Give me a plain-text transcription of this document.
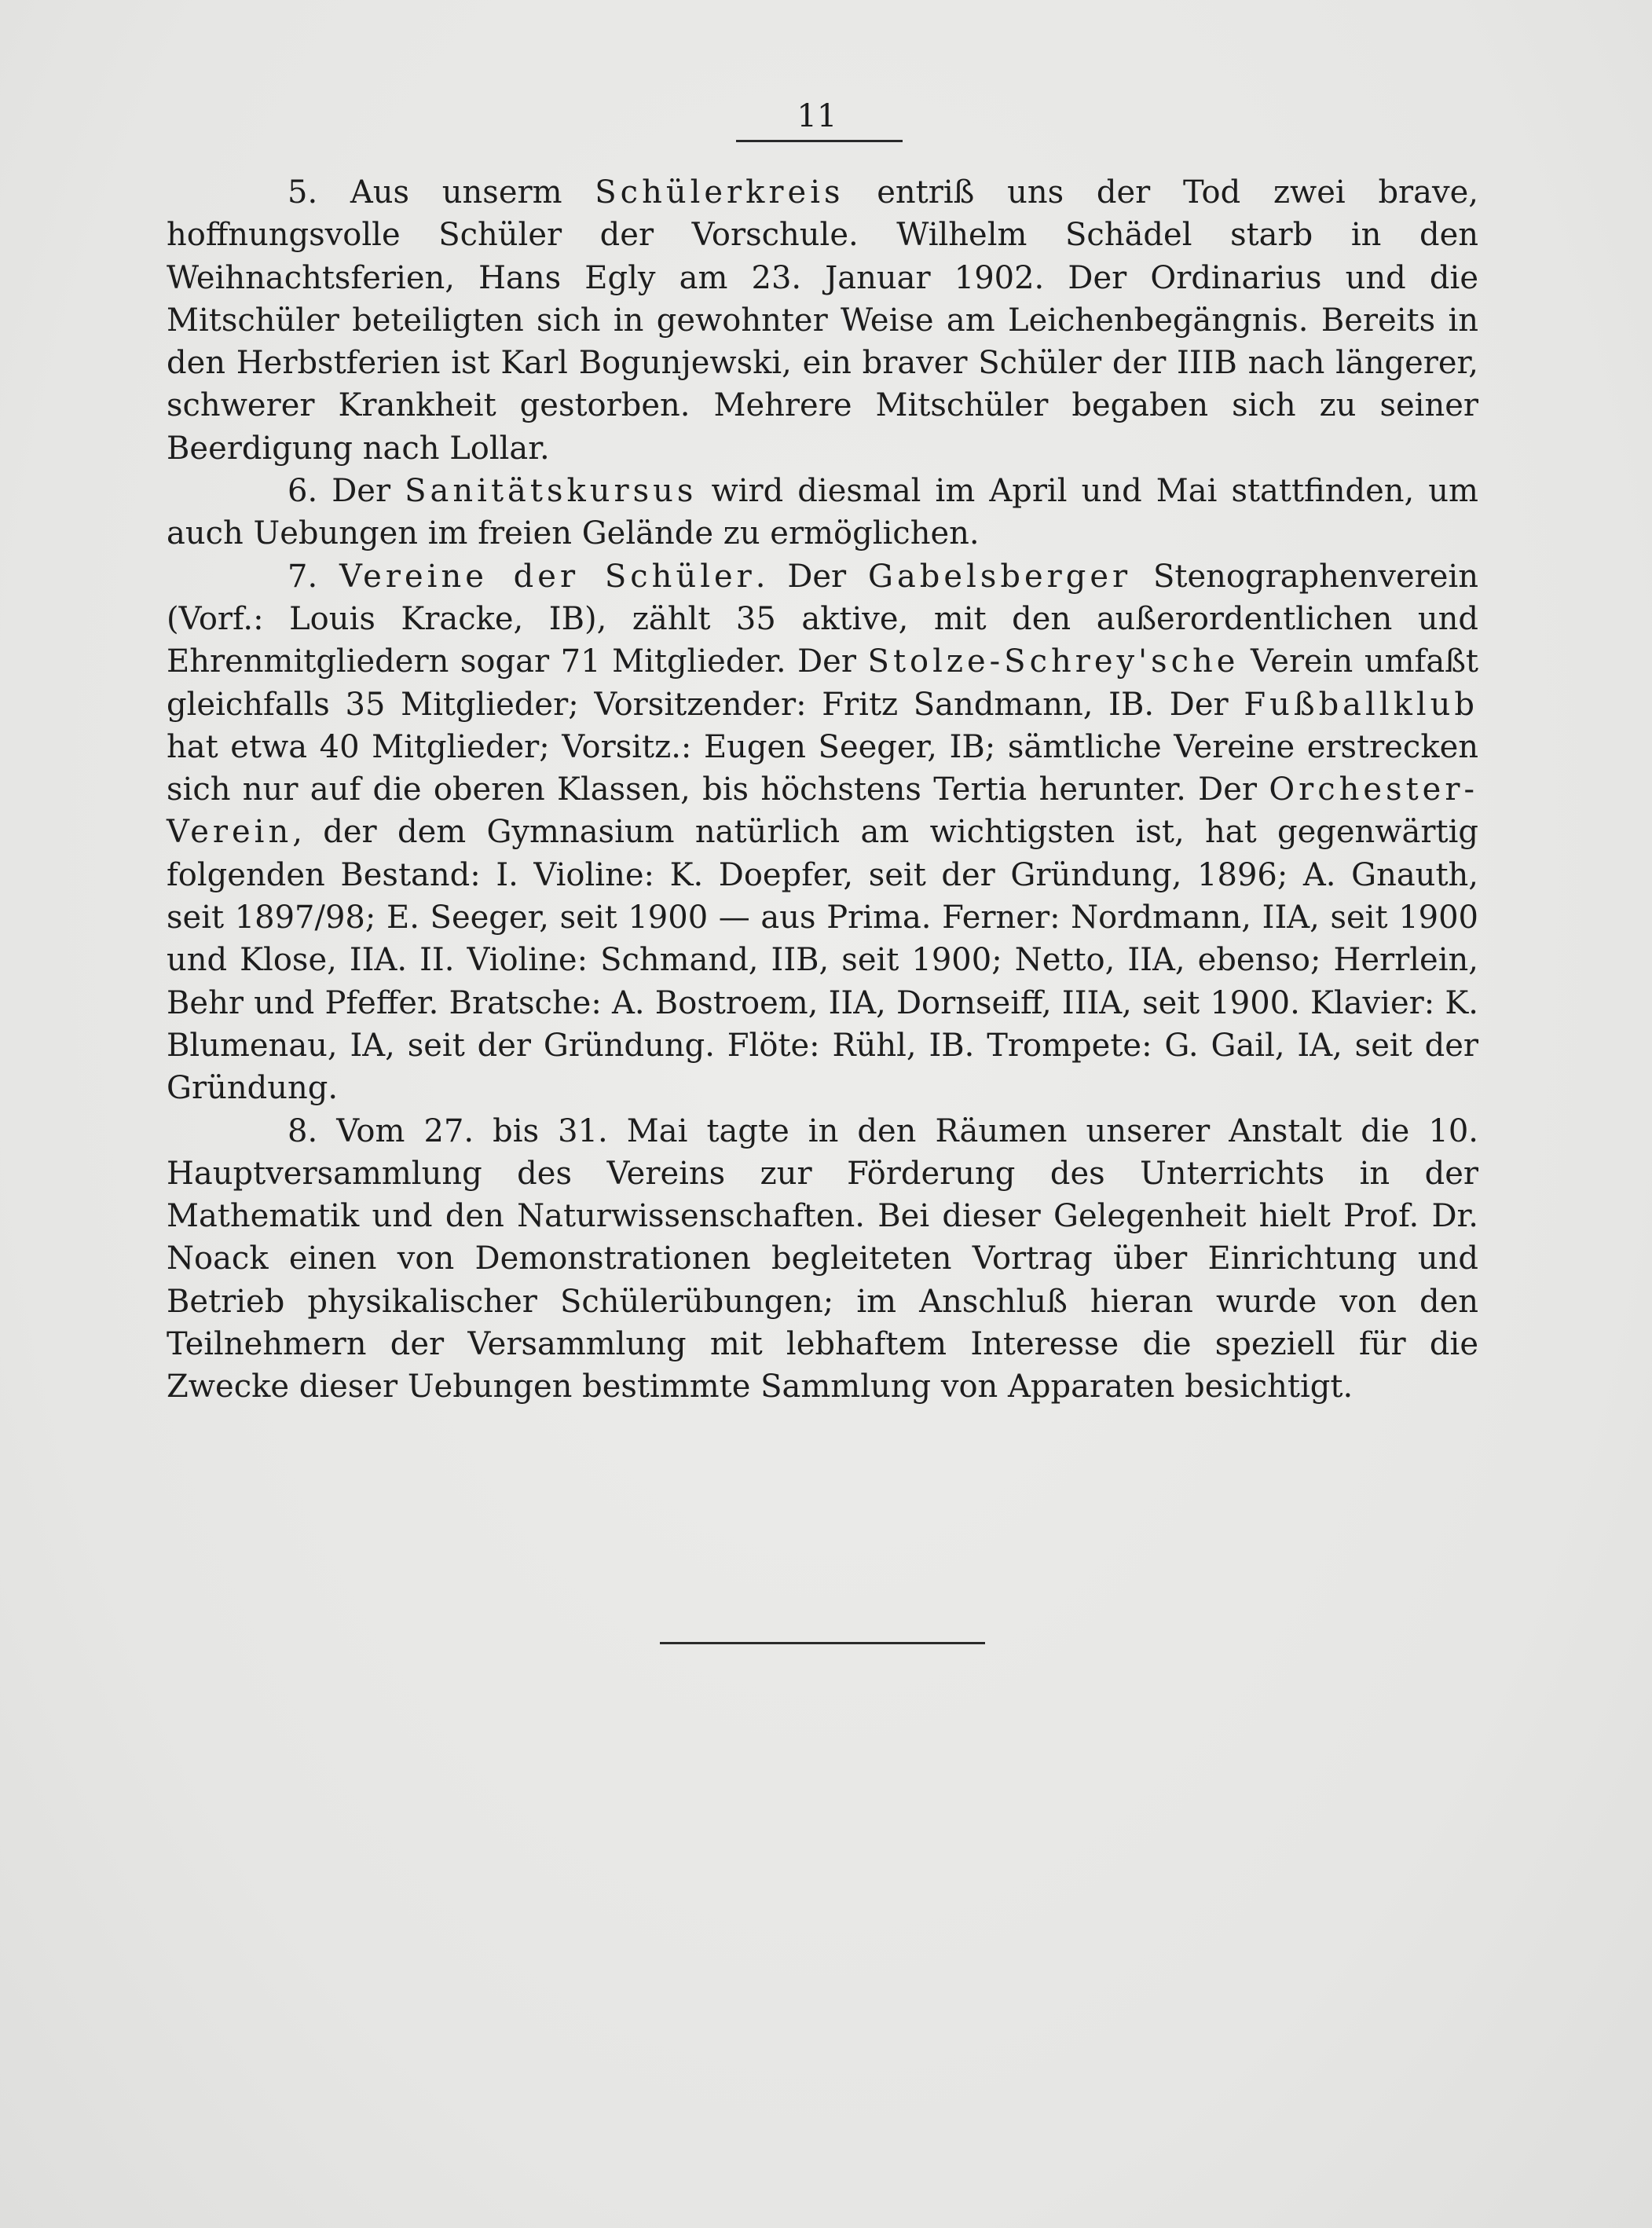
11

5. Aus unserm Schülerkreis entriß uns der Tod zwei brave, hoffnungsvolle Schüler der Vorschule. Wilhelm Schädel starb in den Weihnachtsferien, Hans Egly am 23. Januar 1902. Der Ordinarius und die Mitschüler beteiligten sich in gewohnter Weise am Leichenbegängnis. Bereits in den Herbstferien ist Karl Bogunjewski, ein braver Schüler der IIIB nach längerer, schwerer Krankheit gestorben. Mehrere Mitschüler begaben sich zu seiner Beerdigung nach Lollar.

6. Der Sanitätskursus wird diesmal im April und Mai stattfinden, um auch Uebungen im freien Gelände zu ermöglichen.

7. Vereine der Schüler. Der Gabelsberger Stenographenverein (Vorf.: Louis Kracke, IB), zählt 35 aktive, mit den außerordentlichen und Ehrenmitgliedern sogar 71 Mitglieder. Der Stolze-Schrey'sche Verein umfaßt gleichfalls 35 Mitglieder; Vorsitzender: Fritz Sandmann, IB. Der Fußballklub hat etwa 40 Mitglieder; Vorsitz.: Eugen Seeger, IB; sämtliche Vereine erstrecken sich nur auf die oberen Klassen, bis höchstens Tertia herunter. Der Orchester-Verein, der dem Gymnasium natürlich am wichtigsten ist, hat gegenwärtig folgenden Bestand: I. Violine: K. Doepfer, seit der Gründung, 1896; A. Gnauth, seit 1897/98; E. Seeger, seit 1900 — aus Prima. Ferner: Nordmann, IIA, seit 1900 und Klose, IIA. II. Violine: Schmand, IIB, seit 1900; Netto, IIA, ebenso; Herrlein, Behr und Pfeffer. Bratsche: A. Bostroem, IIA, Dornseiff, IIIA, seit 1900. Klavier: K. Blumenau, IA, seit der Gründung. Flöte: Rühl, IB. Trompete: G. Gail, IA, seit der Gründung.

8. Vom 27. bis 31. Mai tagte in den Räumen unserer Anstalt die 10. Hauptversammlung des Vereins zur Förderung des Unterrichts in der Mathematik und den Naturwissenschaften. Bei dieser Gelegenheit hielt Prof. Dr. Noack einen von Demonstrationen begleiteten Vortrag über Einrichtung und Betrieb physikalischer Schülerübungen; im Anschluß hieran wurde von den Teilnehmern der Versammlung mit lebhaftem Interesse die speziell für die Zwecke dieser Uebungen bestimmte Sammlung von Apparaten besichtigt.
